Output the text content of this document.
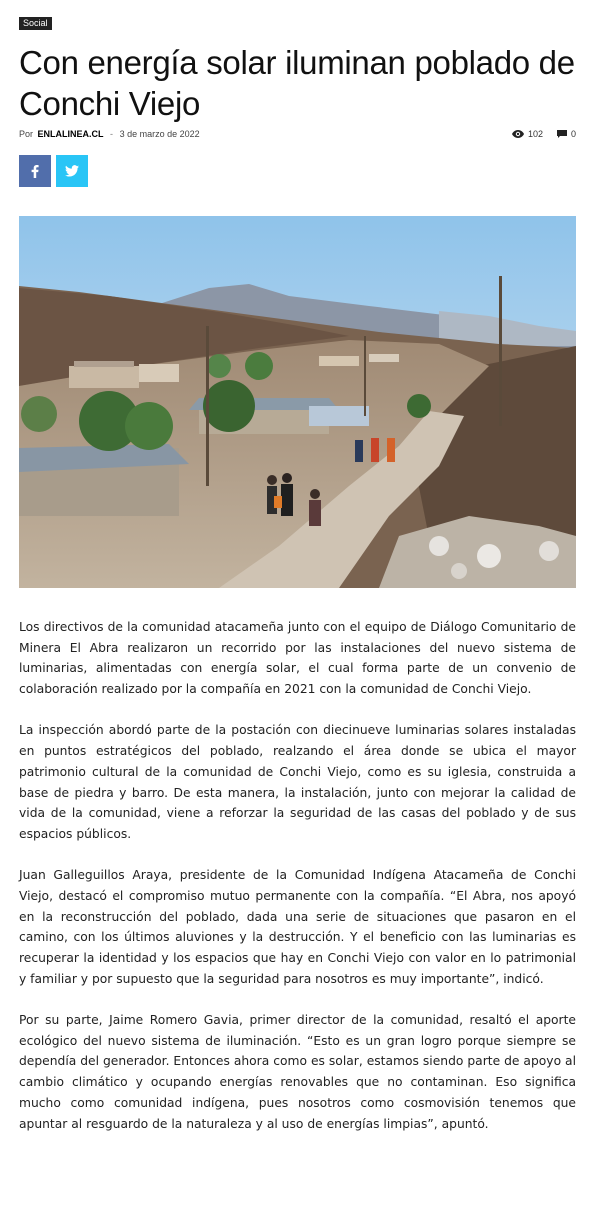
Social
Con energía solar iluminan poblado de Conchi Viejo
Por ENLALINEA.CL - 3 de marzo de 2022	102	0

Los directivos de la comunidad atacameña junto con el equipo de Diálogo Comunitario de Minera El Abra realizaron un recorrido por las instalaciones del nuevo sistema de luminarias, alimentadas con energía solar, el cual forma parte de un convenio de colaboración realizado por la compañía en 2021 con la comunidad de Conchi Viejo.

La inspección abordó parte de la postación con diecinueve luminarias solares instaladas en puntos estratégicos del poblado, realzando el área donde se ubica el mayor patrimonio cultural de la comunidad de Conchi Viejo, como es su iglesia, construida a base de piedra y barro. De esta manera, la instalación, junto con mejorar la calidad de vida de la comunidad, viene a reforzar la seguridad de las casas del poblado y de sus espacios públicos.

Juan Galleguillos Araya, presidente de la Comunidad Indígena Atacameña de Conchi Viejo, destacó el compromiso mutuo permanente con la compañía. “El Abra, nos apoyó en la reconstrucción del poblado, dada una serie de situaciones que pasaron en el camino, con los últimos aluviones y la destrucción. Y el beneficio con las luminarias es recuperar la identidad y los espacios que hay en Conchi Viejo con valor en lo patrimonial y familiar y por supuesto que la seguridad para nosotros es muy importante”, indicó.

Por su parte, Jaime Romero Gavia, primer director de la comunidad, resaltó el aporte ecológico del nuevo sistema de iluminación. “Esto es un gran logro porque siempre se dependía del generador. Entonces ahora como es solar, estamos siendo parte de apoyo al cambio climático y ocupando energías renovables que no contaminan. Eso significa mucho como comunidad indígena, pues nosotros como cosmovisión tenemos que apuntar al resguardo de la naturaleza y al uso de energías limpias”, apuntó.
